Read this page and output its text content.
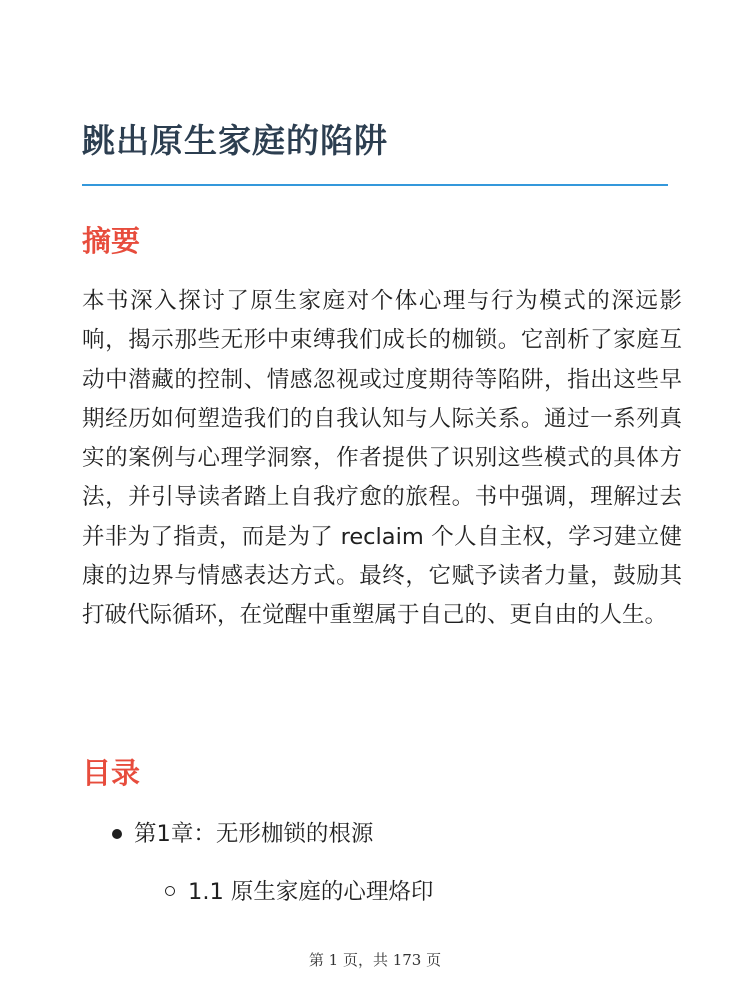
跳出原生家庭的陷阱
摘要

本书深入探讨了原生家庭对个体心理与行为模式的深远影响，揭示那些无形中束缚我们成长的枷锁。它剖析了家庭互动中潜藏的控制、情感忽视或过度期待等陷阱，指出这些早期经历如何塑造我们的自我认知与人际关系。通过一系列真实的案例与心理学洞察，作者提供了识别这些模式的具体方法，并引导读者踏上自我疗愈的旅程。书中强调，理解过去并非为了指责，而是为了 reclaim 个人自主权，学习建立健康的边界与情感表达方式。最终，它赋予读者力量，鼓励其打破代际循环，在觉醒中重塑属于自己的、更自由的人生。

目录
第1章：无形枷锁的根源
1.1 原生家庭的心理烙印
第 1 页，共 173 页
